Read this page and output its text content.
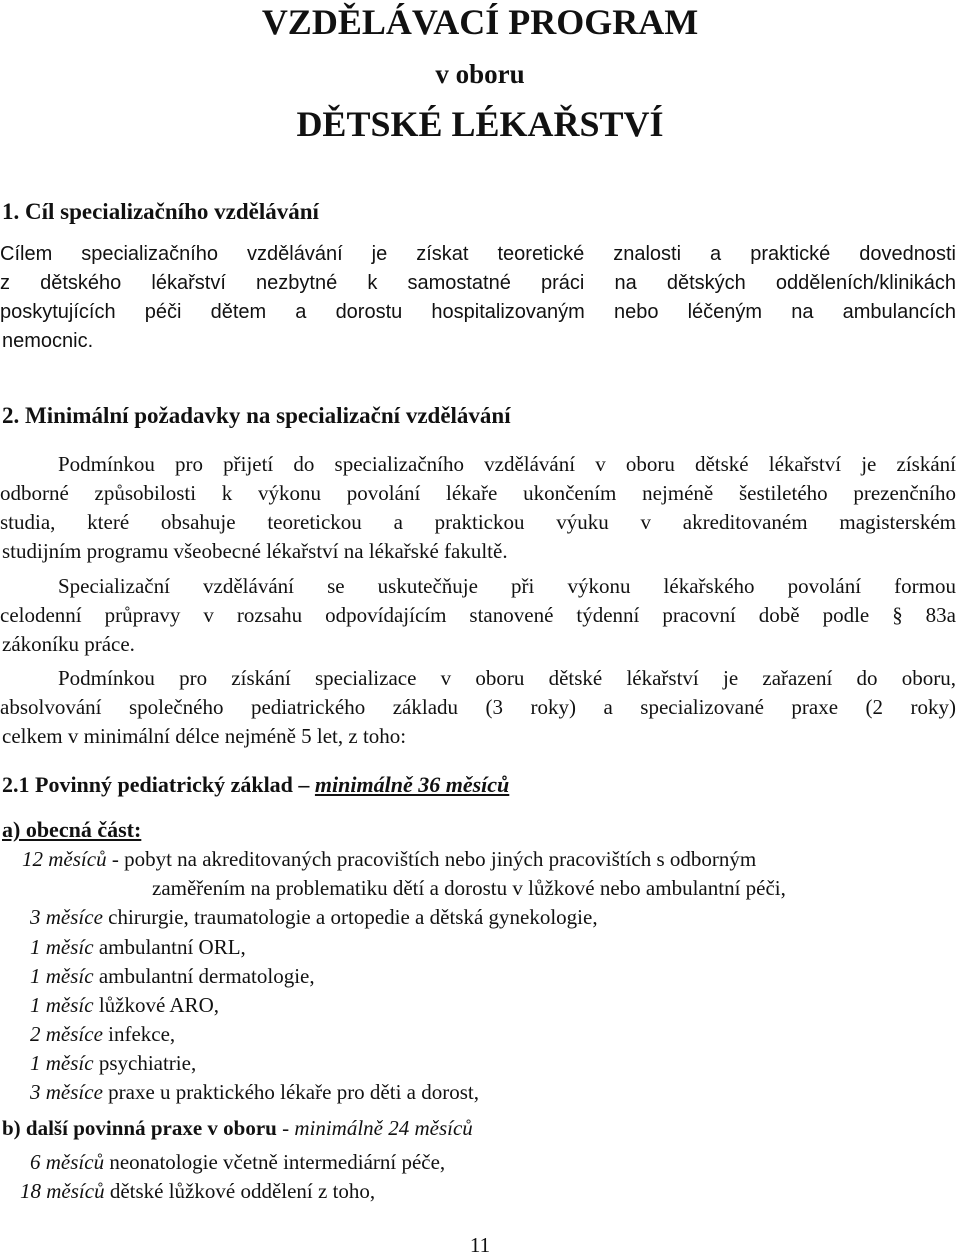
VZDĚLÁVACÍ PROGRAM
v oboru
DĚTSKÉ LÉKAŘSTVÍ
1. Cíl specializačního vzdělávání
Cílem specializačního vzdělávání je získat teoretické znalosti a praktické dovednosti
z dětského lékařství nezbytné k samostatné práci na dětských odděleních/klinikách
poskytujících péči dětem a dorostu hospitalizovaným nebo léčeným na ambulancích
nemocnic.
2. Minimální požadavky na specializační vzdělávání
Podmínkou pro přijetí do specializačního vzdělávání v oboru dětské lékařství je získání
odborné způsobilosti k výkonu povolání lékaře ukončením nejméně šestiletého prezenčního
studia, které obsahuje teoretickou a praktickou výuku v akreditovaném magisterském
studijním programu všeobecné lékařství na lékařské fakultě.
Specializační vzdělávání se uskutečňuje při výkonu lékařského povolání formou
celodenní průpravy v rozsahu odpovídajícím stanovené týdenní pracovní době podle § 83a
zákoníku práce.
Podmínkou pro získání specializace v oboru dětské lékařství je zařazení do oboru,
absolvování společného pediatrického základu (3 roky) a specializované praxe (2 roky)
celkem v minimální délce nejméně 5 let, z toho:
2.1 Povinný pediatrický základ – minimálně 36 měsíců
a) obecná část:
12 měsíců - pobyt na akreditovaných pracovištích nebo jiných pracovištích s odborným
zaměřením na problematiku dětí a dorostu v lůžkové nebo ambulantní péči,
3 měsíce chirurgie, traumatologie a ortopedie a dětská gynekologie,
1 měsíc ambulantní ORL,
1 měsíc ambulantní dermatologie,
1 měsíc lůžkové ARO,
2 měsíce infekce,
1 měsíc psychiatrie,
3 měsíce praxe u praktického lékaře pro děti a dorost,
b) další povinná praxe v oboru - minimálně 24 měsíců
6 měsíců neonatologie včetně intermediární péče,
18 měsíců dětské lůžkové oddělení z toho,
11
